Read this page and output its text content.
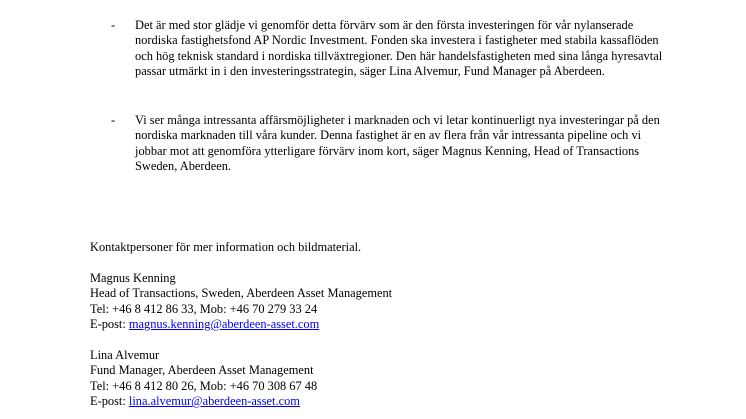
- Det är med stor glädje vi genomför detta förvärv som är den första investeringen för vår nylanserade nordiska fastighetsfond AP Nordic Investment. Fonden ska investera i fastigheter med stabila kassaflöden och hög teknisk standard i nordiska tillväxtregioner. Den här handelsfastigheten med sina långa hyresavtal passar utmärkt in i den investeringsstrategin, säger Lina Alvemur, Fund Manager på Aberdeen.

- Vi ser många intressanta affärsmöjligheter i marknaden och vi letar kontinuerligt nya investeringar på den nordiska marknaden till våra kunder. Denna fastighet är en av flera från vår intressanta pipeline och vi jobbar mot att genomföra ytterligare förvärv inom kort, säger Magnus Kenning, Head of Transactions Sweden, Aberdeen.

Kontaktpersoner för mer information och bildmaterial.
Magnus Kenning
Head of Transactions, Sweden, Aberdeen Asset Management
Tel: +46 8 412 86 33, Mob: +46 70 279 33 24
E-post: magnus.kenning@aberdeen-asset.com
Lina Alvemur
Fund Manager, Aberdeen Asset Management
Tel: +46 8 412 80 26, Mob: +46 70 308 67 48
E-post: lina.alvemur@aberdeen-asset.com
